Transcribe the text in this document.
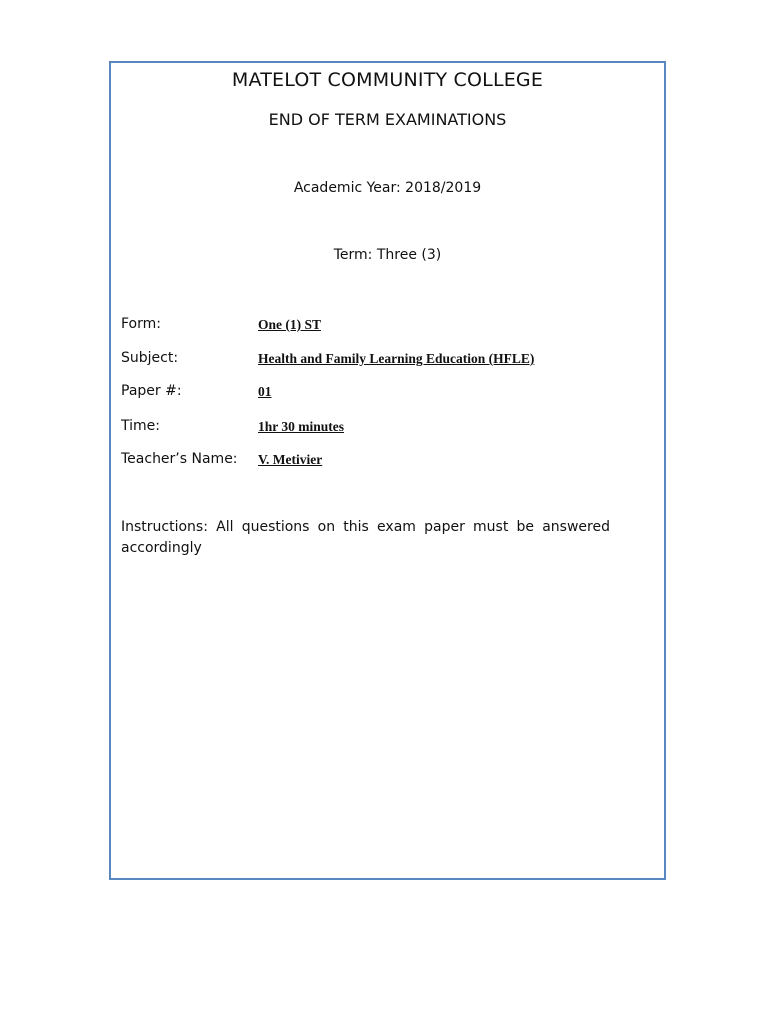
MATELOT COMMUNITY COLLEGE
END OF TERM EXAMINATIONS
Academic Year: 2018/2019
Term: Three (3)
Form:	One (1) ST
Subject:	Health and Family Learning Education (HFLE)
Paper #:	01
Time:	1hr 30 minutes
Teacher’s Name: V. Metivier
Instructions: All questions on this exam paper must be answered accordingly
